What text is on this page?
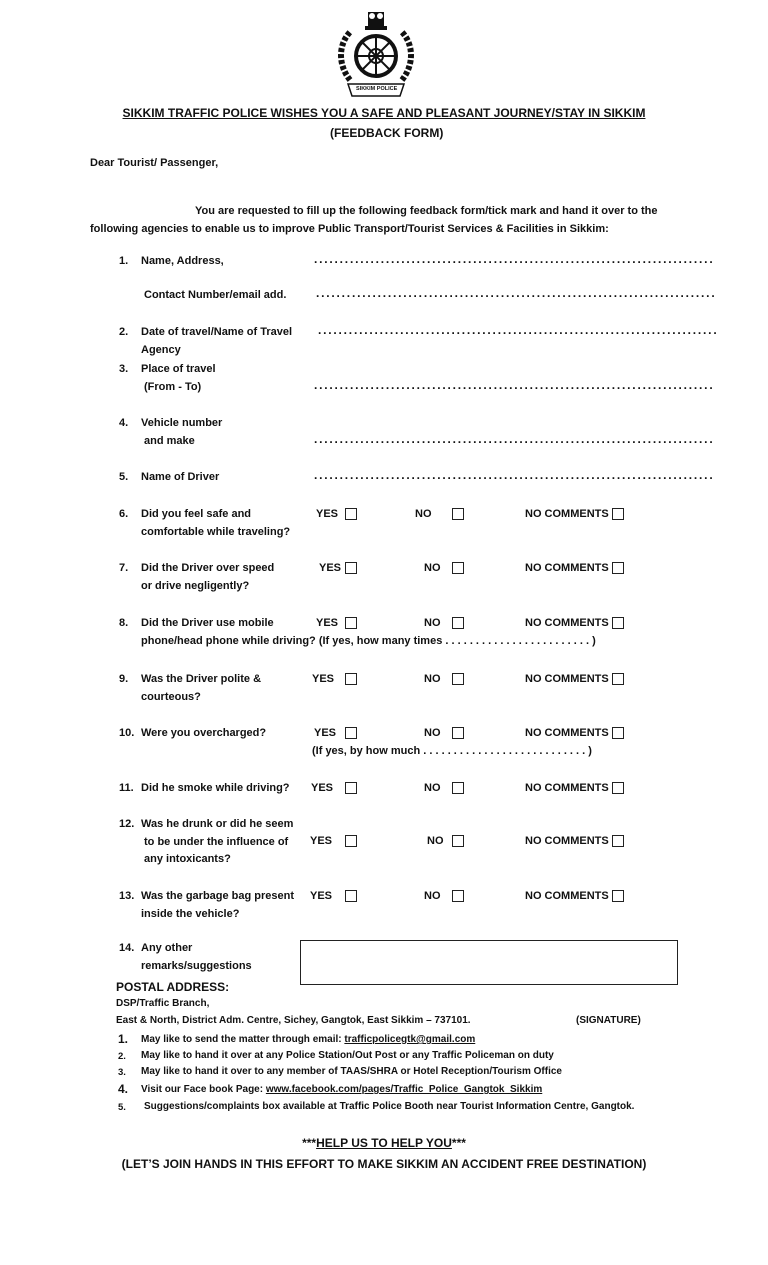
SIKKIM POLICE
SIKKIM TRAFFIC POLICE WISHES YOU A SAFE AND PLEASANT JOURNEY/STAY IN SIKKIM
(FEEDBACK FORM)
Dear Tourist/ Passenger,
You are requested to fill up the following feedback form/tick mark and hand it over to the
following agencies to enable us to improve Public Transport/Tourist Services & Facilities in Sikkim:
1. Name, Address,	..............................................................................
Contact Number/email add. ..............................................................................
2. Date of travel/Name of Travel
Agency
..............................................................................
3. Place of travel
(From - To)	..............................................................................
4. Vehicle number
and make	..............................................................................
5. Name of Driver	..............................................................................
6. Did you feel safe and
comfortable while traveling?
YES	NO	NO COMMENTS
7. Did the Driver over speed
or drive negligently?
YES	NO	NO COMMENTS
8. Did the Driver use mobile
phone/head phone while driving? (If yes, how many times . . . . . . . . . . . . . . . . . . . . . . . . )
YES	NO	NO COMMENTS
9. Was the Driver polite &
courteous?
YES	NO	NO COMMENTS
10. Were you overcharged?
(If yes, by how much . . . . . . . . . . . . . . . . . . . . . . . . . . . )
YES	NO	NO COMMENTS
11. Did he smoke while driving? YES	NO	NO COMMENTS
12. Was he drunk or did he seem
to be under the influence of
any intoxicants?
YES	NO	NO COMMENTS
13. Was the garbage bag present
inside the vehicle?
YES	NO	NO COMMENTS
14. Any other
remarks/suggestions
POSTAL ADDRESS:
DSP/Traffic Branch,
East & North, District Adm. Centre, Sichey, Gangtok, East Sikkim – 737101.	(SIGNATURE)
1. May like to send the matter through email: trafficpolicegtk@gmail.com
2. May like to hand it over at any Police Station/Out Post or any Traffic Policeman on duty
3. May like to hand it over to any member of TAAS/SHRA or Hotel Reception/Tourism Office
4. Visit our Face book Page: www.facebook.com/pages/Traffic_Police_Gangtok_Sikkim
5. Suggestions/complaints box available at Traffic Police Booth near Tourist Information Centre, Gangtok.
***HELP US TO HELP YOU***
(LET’S JOIN HANDS IN THIS EFFORT TO MAKE SIKKIM AN ACCIDENT FREE DESTINATION)
